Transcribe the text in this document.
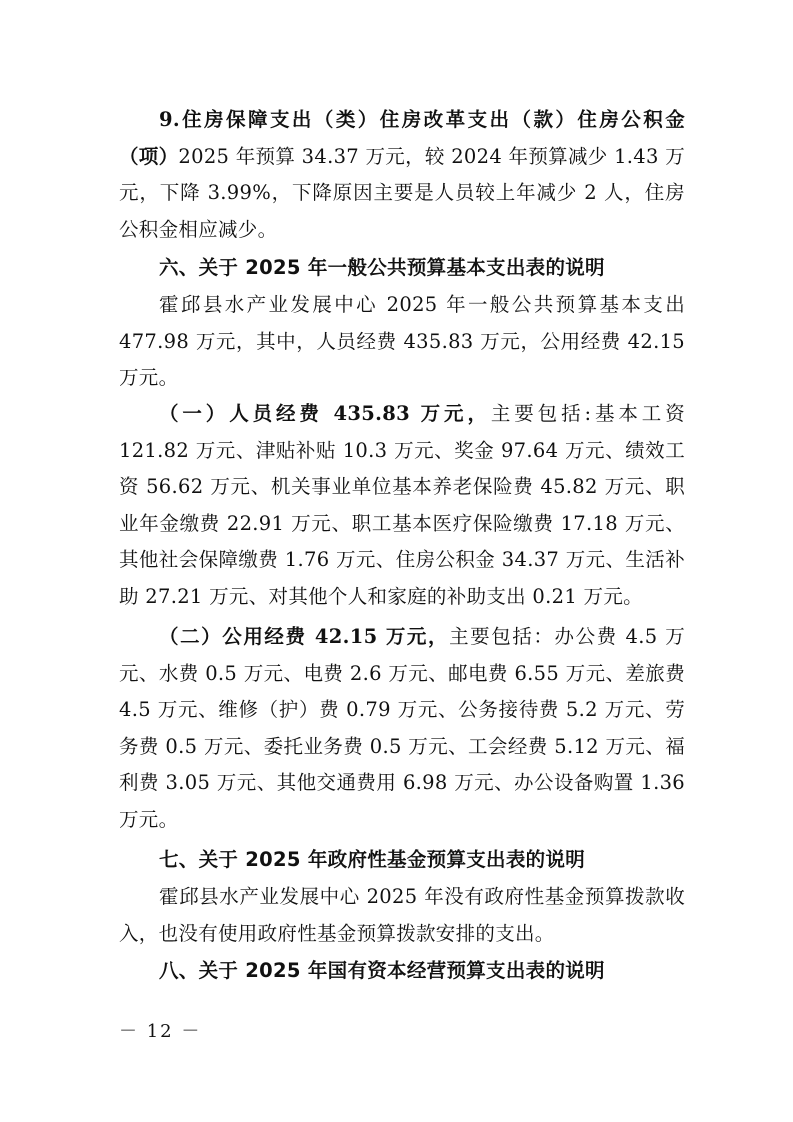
9.住房保障支出（类）住房改革支出（款）住房公积金（项）2025 年预算 34.37 万元，较 2024 年预算减少 1.43 万元，下降 3.99%，下降原因主要是人员较上年减少 2 人，住房公积金相应减少。

六、关于 2025 年一般公共预算基本支出表的说明

霍邱县水产业发展中心 2025 年一般公共预算基本支出 477.98 万元，其中，人员经费 435.83 万元，公用经费 42.15 万元。

（一）人员经费 435.83 万元，主要包括:基本工资 121.82 万元、津贴补贴 10.3 万元、奖金 97.64 万元、绩效工资 56.62 万元、机关事业单位基本养老保险费 45.82 万元、职业年金缴费 22.91 万元、职工基本医疗保险缴费 17.18 万元、其他社会保障缴费 1.76 万元、住房公积金 34.37 万元、生活补助 27.21 万元、对其他个人和家庭的补助支出 0.21 万元。

（二）公用经费 42.15 万元，主要包括：办公费 4.5 万元、水费 0.5 万元、电费 2.6 万元、邮电费 6.55 万元、差旅费 4.5 万元、维修（护）费 0.79 万元、公务接待费 5.2 万元、劳务费 0.5 万元、委托业务费 0.5 万元、工会经费 5.12 万元、福利费 3.05 万元、其他交通费用 6.98 万元、办公设备购置 1.36 万元。

七、关于 2025 年政府性基金预算支出表的说明

霍邱县水产业发展中心 2025 年没有政府性基金预算拨款收入，也没有使用政府性基金预算拨款安排的支出。

八、关于 2025 年国有资本经营预算支出表的说明

－ 12 －
